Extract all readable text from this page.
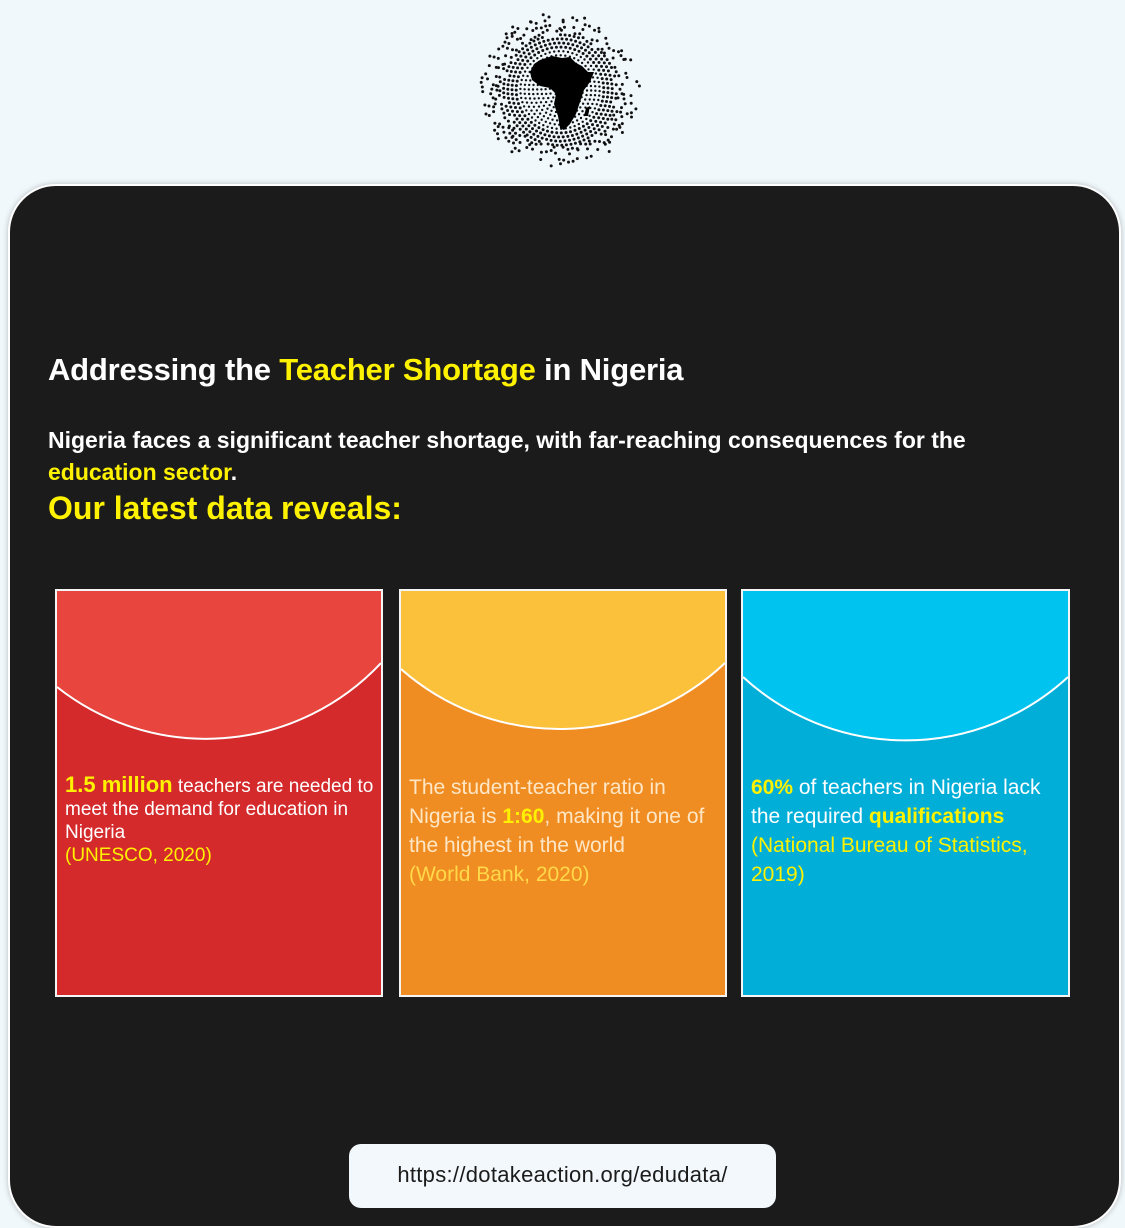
Addressing the Teacher Shortage in Nigeria

Nigeria faces a significant teacher shortage, with far-reaching consequences for the education sector.

Our latest data reveals:
1.5 million teachers are needed to meet the demand for education in Nigeria
(UNESCO, 2020)
The student-teacher ratio in Nigeria is 1:60, making it one of the highest in the world
(World Bank, 2020)
60% of teachers in Nigeria lack the required qualifications (National Bureau of Statistics, 2019)
https://dotakeaction.org/edudata/
